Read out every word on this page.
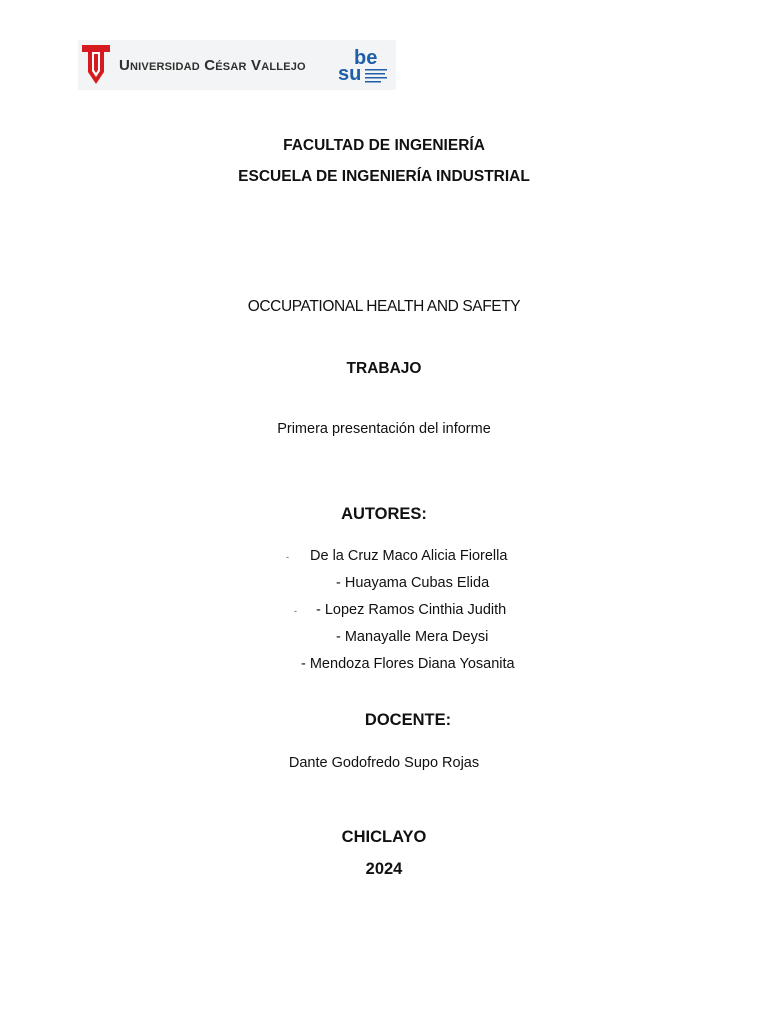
Universidad César Vallejo be
su
FACULTAD DE INGENIERÍA
ESCUELA DE INGENIERÍA INDUSTRIAL
OCCUPATIONAL HEALTH AND SAFETY
TRABAJO
Primera presentación del informe
AUTORES:
- De la Cruz Maco Alicia Fiorella
- Huayama Cubas Elida
- - Lopez Ramos Cinthia Judith
- Manayalle Mera Deysi
- Mendoza Flores Diana Yosanita
DOCENTE:
Dante Godofredo Supo Rojas
CHICLAYO
2024
